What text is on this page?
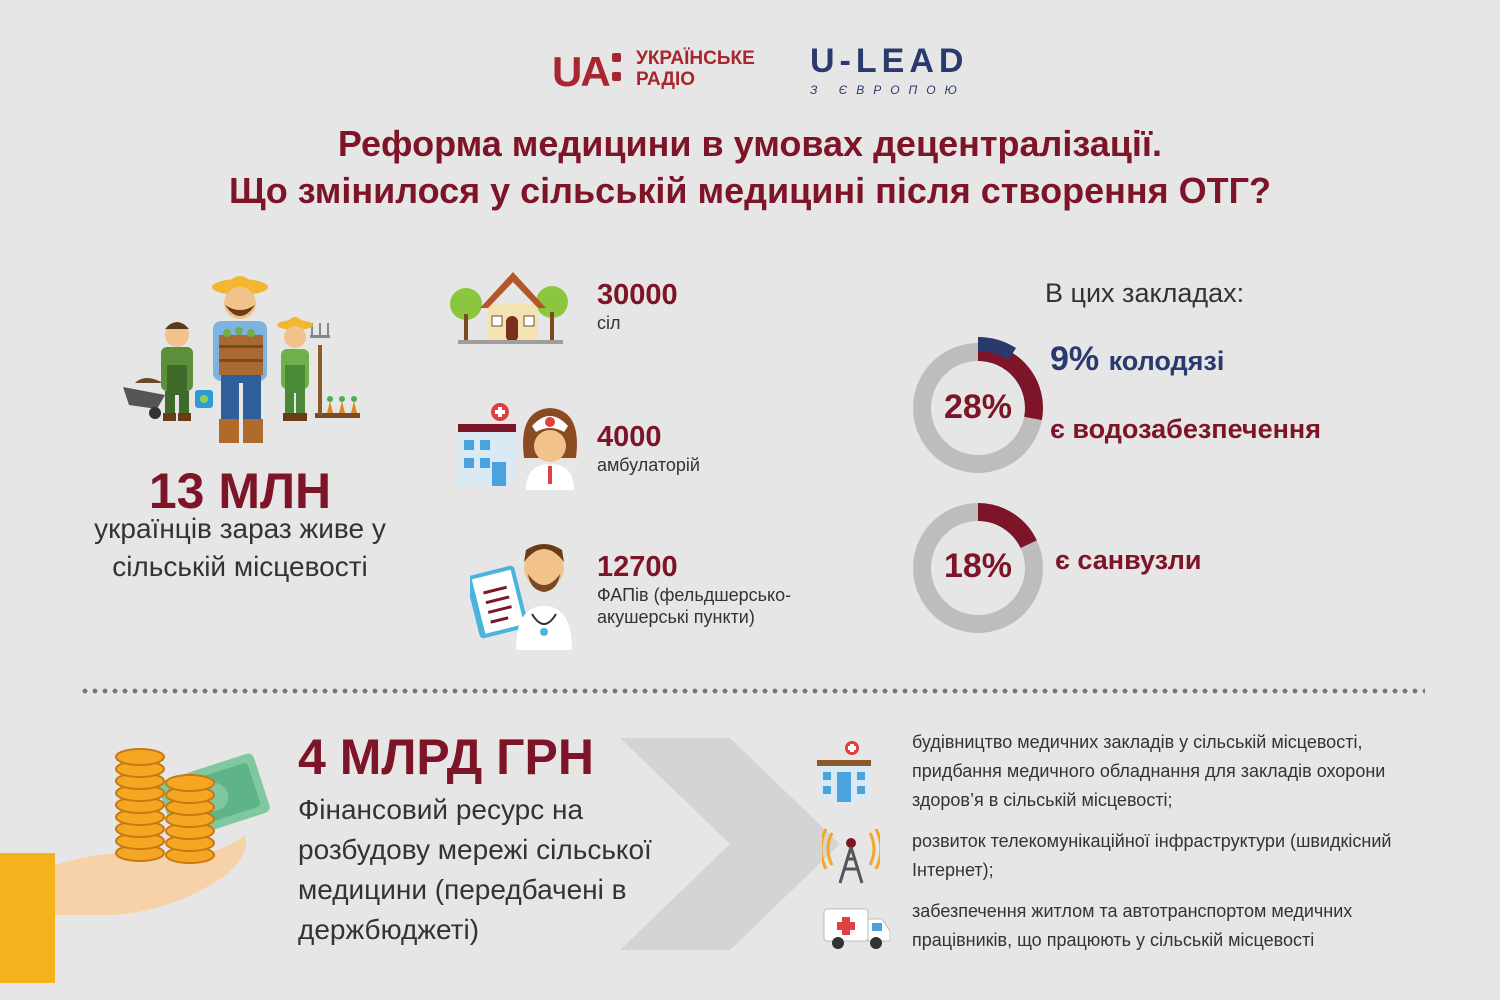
UA УКРАЇНСЬКЕ
РАДІО	U-LEAD
З ЄВРОПОЮ
Реформа медицини в умовах децентралізації.
Що змінилося у сільській медицині після створення ОТГ?
13 МЛН
українців зараз живе у сільській місцевості
30000
сіл
4000
амбулаторій
12700
ФАПів (фельдшерсько-
акушерські пункти)
В цих закладах:
28%
18%
9% колодязі
є водозабезпечення
є санвузли
4 МЛРД ГРН
Фінансовий ресурс на розбудову мережі сільської медицини (передбачені в держбюджеті)
будівництво медичних закладів у сільській місцевості, придбання медичного обладнання для закладів охорони здоров’я в сільській місцевості;
розвиток телекомунікаційної інфраструктури (швидкісний Інтернет);
забезпечення житлом та автотранспортом медичних працівників, що працюють у сільській місцевості
